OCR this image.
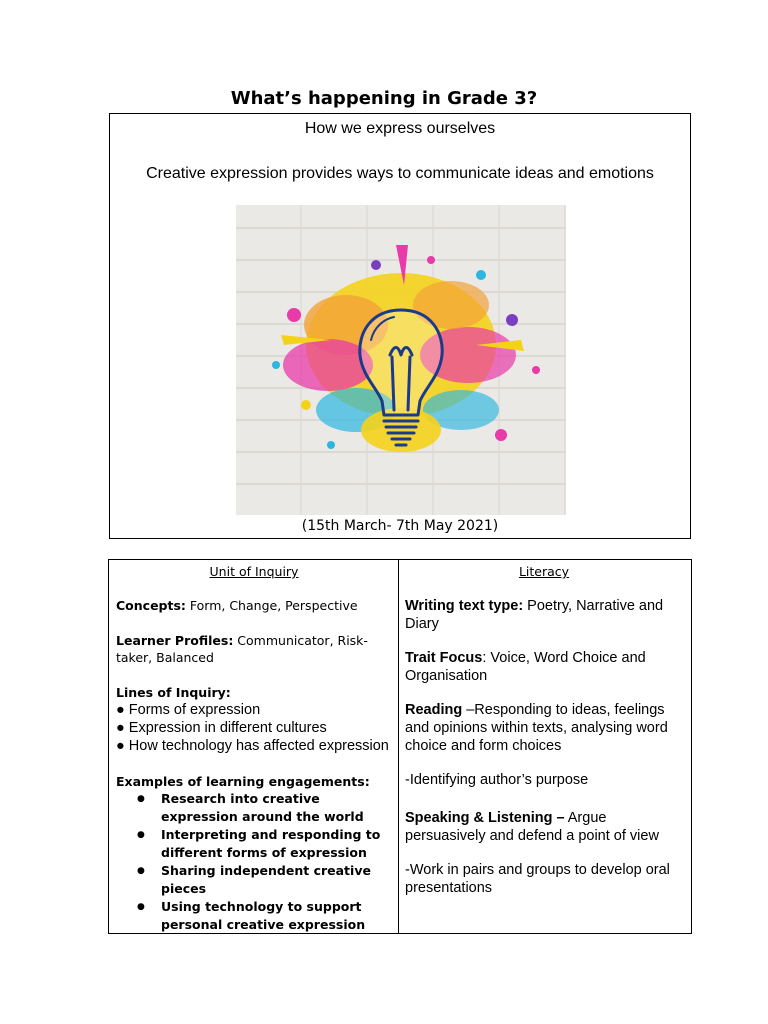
What’s happening in Grade 3?
How we express ourselves
Creative expression provides ways to communicate ideas and emotions
(15th March- 7th May 2021)
Unit of Inquiry
Concepts: Form, Change, Perspective
Learner Profiles: Communicator, Risk-taker, Balanced
Lines of Inquiry:
● Forms of expression
● Expression in different cultures
● How technology has affected expression
Examples of learning engagements:
● Research into creative expression around the world
● Interpreting and responding to different forms of expression
● Sharing independent creative pieces
● Using technology to support personal creative expression
Literacy
Writing text type: Poetry, Narrative and Diary
Trait Focus: Voice, Word Choice and Organisation
Reading –Responding to ideas, feelings and opinions within texts, analysing word choice and form choices
-Identifying author’s purpose
Speaking & Listening – Argue persuasively and defend a point of view
-Work in pairs and groups to develop oral presentations
